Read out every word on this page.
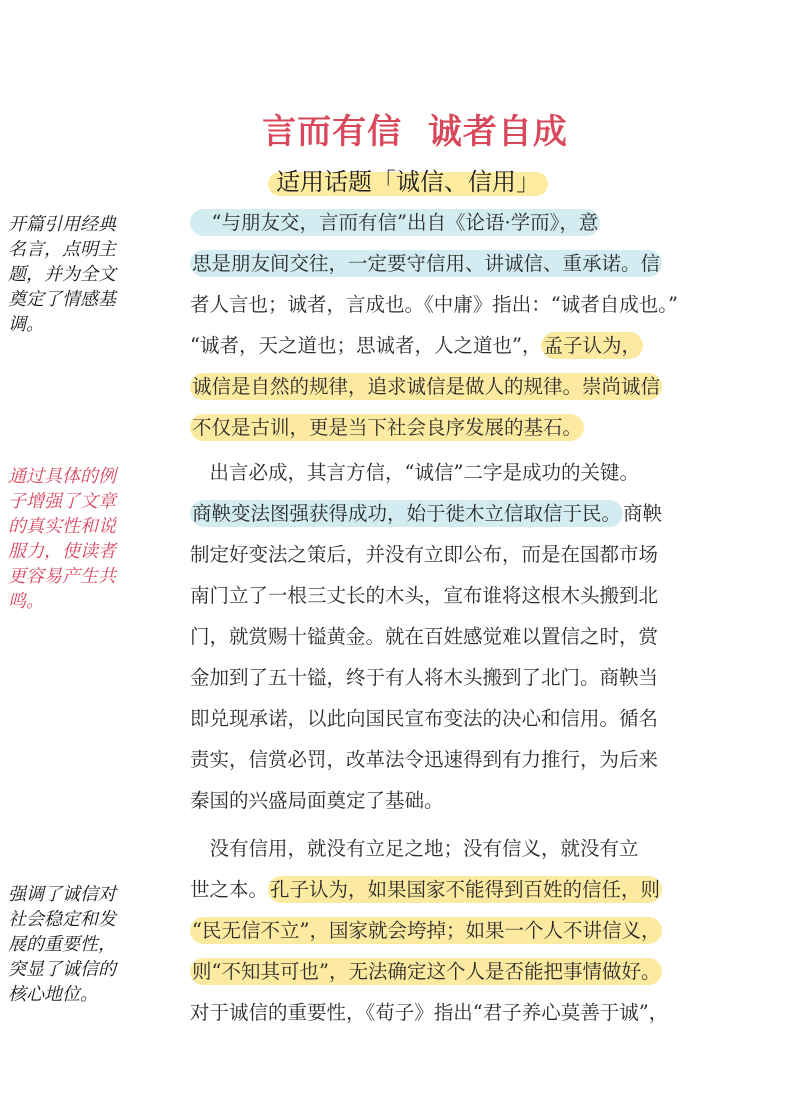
言而有信  诚者自成
适用话题「诚信、信用」
　“与朋友交，言而有信”出自《论语·学而》，意
思是朋友间交往，一定要守信用、讲诚信、重承诺。信
者人言也；诚者，言成也。《中庸》指出：“诚者自成也。”
“诚者，天之道也；思诚者，人之道也”， 孟子认为，
诚信是自然的规律，追求诚信是做人的规律。崇尚诚信
不仅是古训，更是当下社会良序发展的基石。
　出言必成，其言方信，“诚信”二字是成功的关键。
商鞅变法图强获得成功，始于徙木立信取信于民。 商鞅
制定好变法之策后，并没有立即公布，而是在国都市场
南门立了一根三丈长的木头，宣布谁将这根木头搬到北
门，就赏赐十镒黄金。就在百姓感觉难以置信之时，赏
金加到了五十镒，终于有人将木头搬到了北门。商鞅当
即兑现承诺，以此向国民宣布变法的决心和信用。循名
责实，信赏必罚，改革法令迅速得到有力推行，为后来
秦国的兴盛局面奠定了基础。
　没有信用，就没有立足之地；没有信义，就没有立
世之本。 孔子认为，如果国家不能得到百姓的信任，则
“民无信不立”，国家就会垮掉；如果一个人不讲信义，
则“不知其可也”，无法确定这个人是否能把事情做好。
对于诚信的重要性，《荀子》指出“君子养心莫善于诚”，
开篇引用经典
名言，点明主
题，并为全文
奠定了情感基
调。
通过具体的例
子增强了文章
的真实性和说
服力，使读者
更容易产生共
鸣。
强调了诚信对
社会稳定和发
展的重要性，
突显了诚信的
核心地位。
